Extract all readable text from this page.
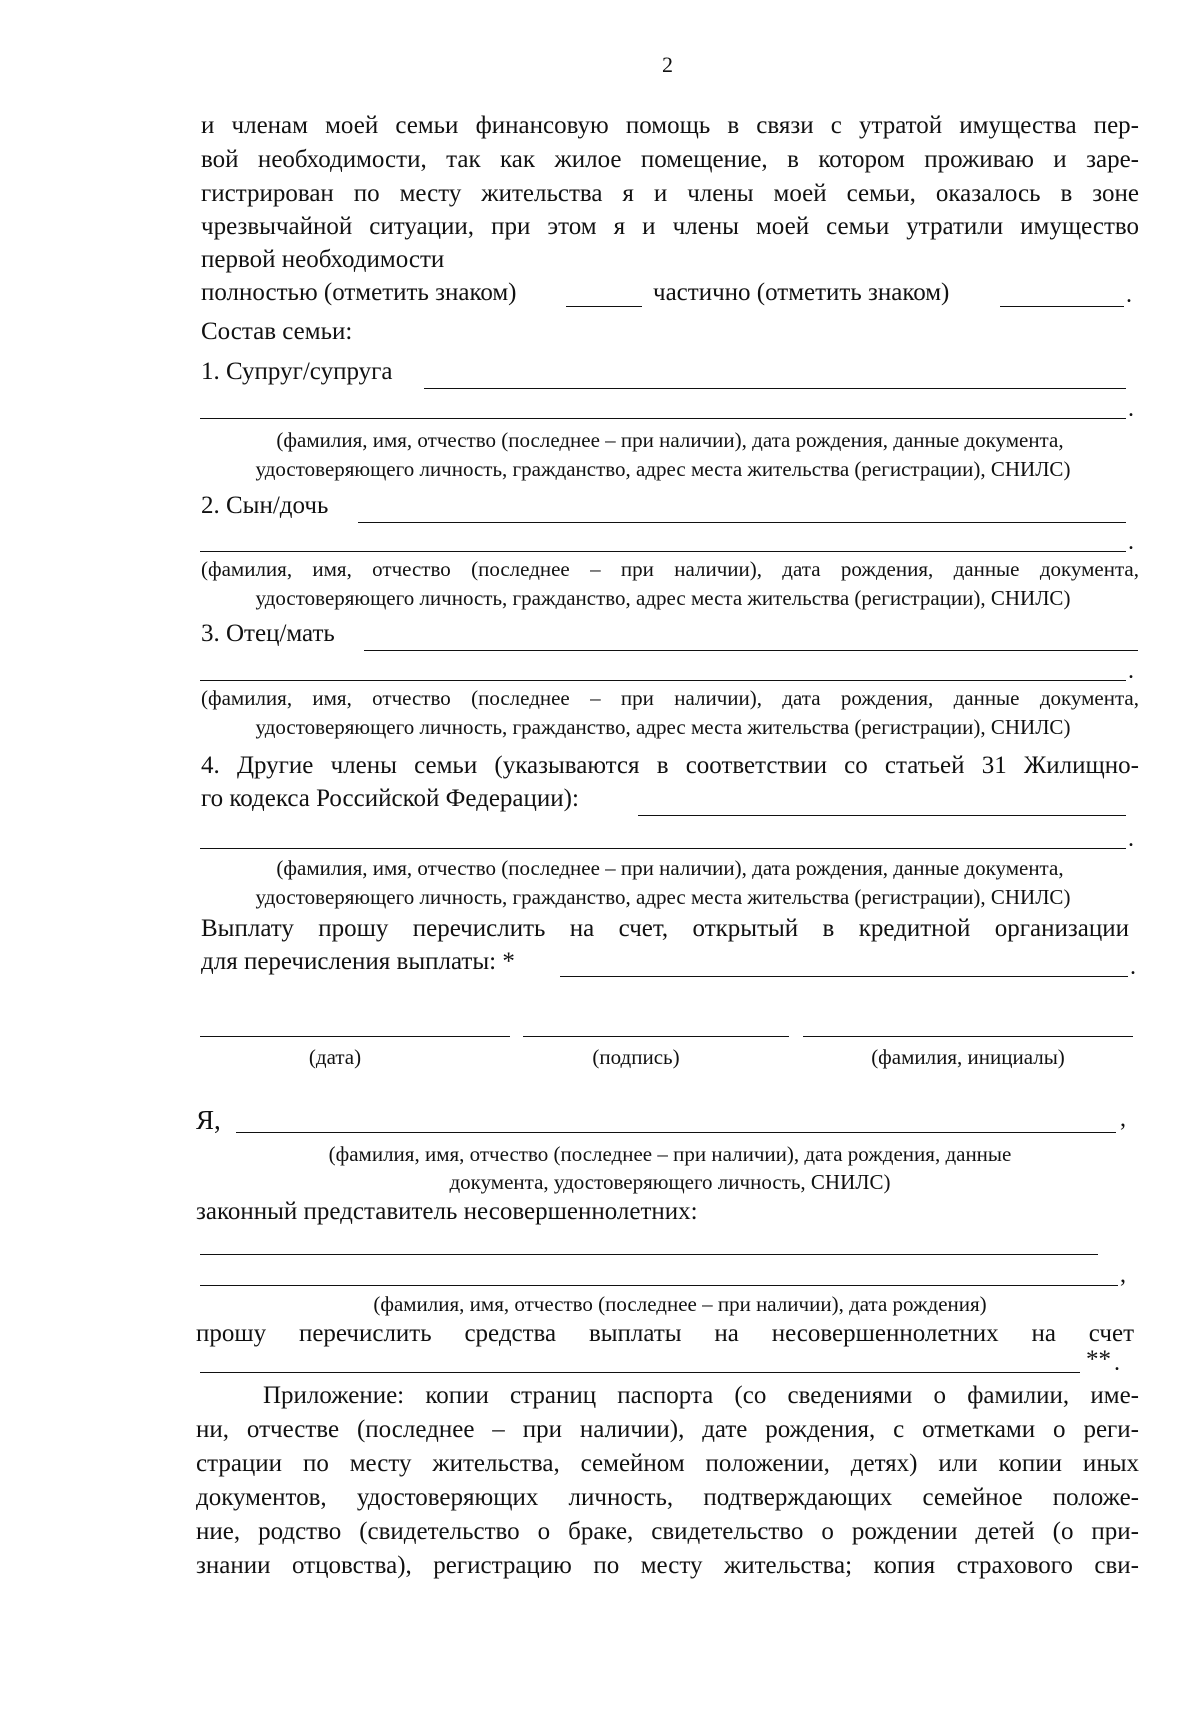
2
и членам моей семьи финансовую помощь в связи с утратой имущества пер-
вой необходимости, так как жилое помещение, в котором проживаю и заре-
гистрирован по месту жительства я и члены моей семьи, оказалось в зоне
чрезвычайной ситуации, при этом я и члены моей семьи утратили имущество
первой необходимости
полностью (отметить знаком)	частично (отметить знаком)	.
Состав семьи:
1. Супруг/супруга
.
(фамилия, имя, отчество (последнее – при наличии), дата рождения, данные документа,
удостоверяющего личность, гражданство, адрес места жительства (регистрации), СНИЛС)
2. Сын/дочь
.
(фамилия, имя, отчество (последнее – при наличии), дата рождения, данные документа,
удостоверяющего личность, гражданство, адрес места жительства (регистрации), СНИЛС)
3. Отец/мать
.
(фамилия, имя, отчество (последнее – при наличии), дата рождения, данные документа,
удостоверяющего личность, гражданство, адрес места жительства (регистрации), СНИЛС)
4. Другие члены семьи (указываются в соответствии со статьей 31 Жилищно-
го кодекса Российской Федерации):
.
(фамилия, имя, отчество (последнее – при наличии), дата рождения, данные документа,
удостоверяющего личность, гражданство, адрес места жительства (регистрации), СНИЛС)
Выплату прошу перечислить на счет, открытый в кредитной организации
для перечисления выплаты: *	.
(дата)	(подпись)	(фамилия, инициалы)
Я,	,
(фамилия, имя, отчество (последнее – при наличии), дата рождения, данные
документа, удостоверяющего личность, СНИЛС)
законный представитель несовершеннолетних:
,
(фамилия, имя, отчество (последнее – при наличии), дата рождения)
прошу перечислить средства выплаты на несовершеннолетних на счет
** .
Приложение: копии страниц паспорта (со сведениями о фамилии, име-
ни, отчестве (последнее – при наличии), дате рождения, с отметками о реги-
страции по месту жительства, семейном положении, детях) или копии иных
документов, удостоверяющих личность, подтверждающих семейное положе-
ние, родство (свидетельство о браке, свидетельство о рождении детей (о при-
знании отцовства), регистрацию по месту жительства; копия страхового сви-
